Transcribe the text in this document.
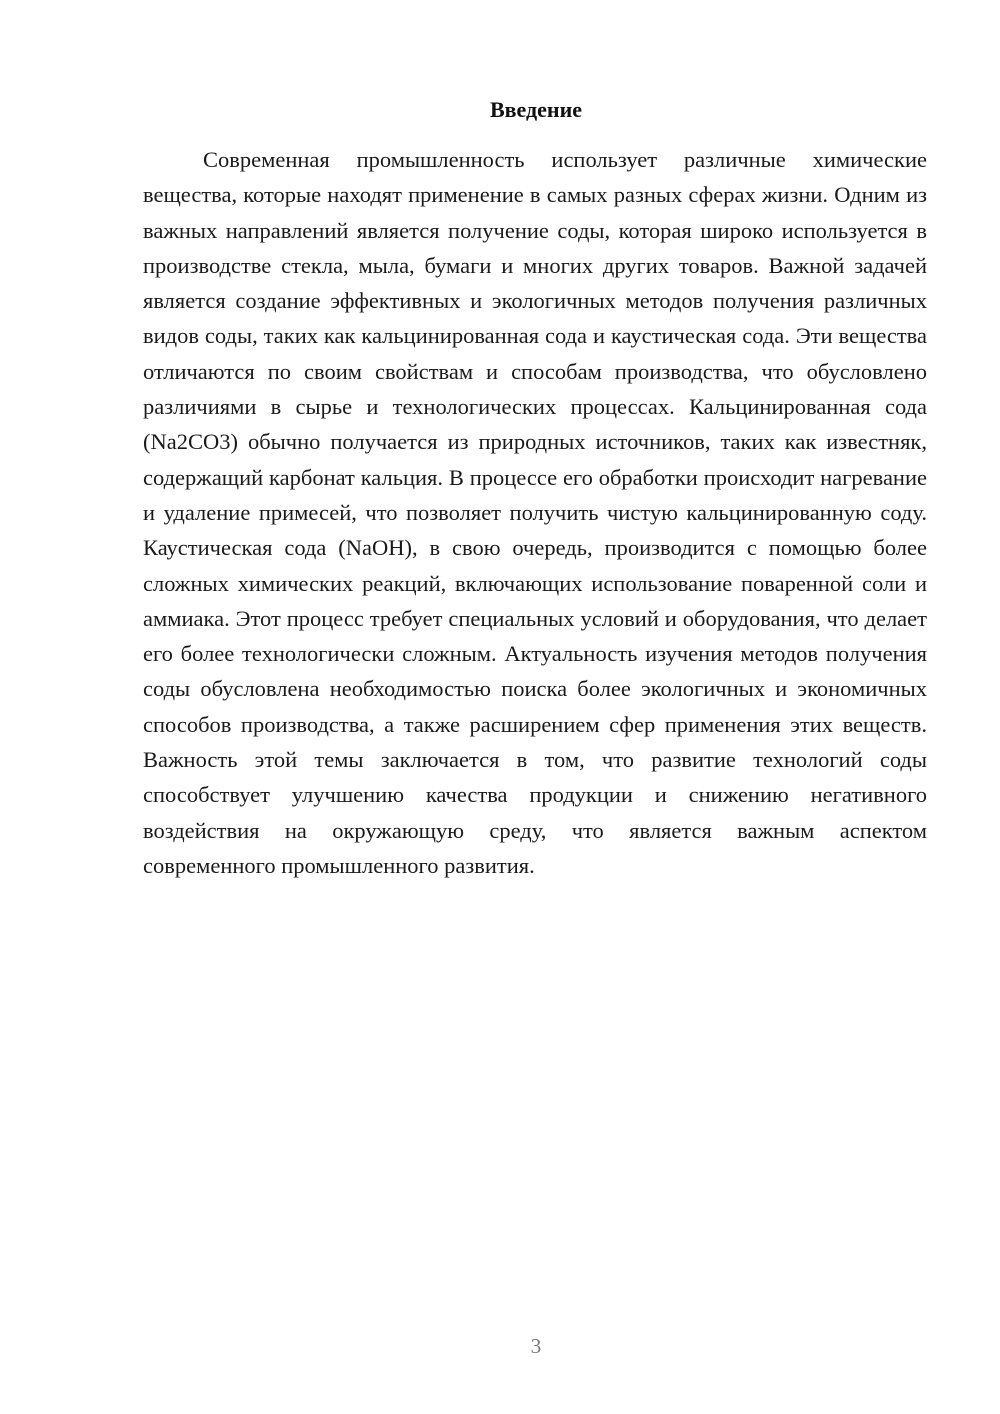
Введение

Современная промышленность использует различные химические вещества, которые находят применение в самых разных сферах жизни. Одним из важных направлений является получение соды, которая широко используется в производстве стекла, мыла, бумаги и многих других товаров. Важной задачей является создание эффективных и экологичных методов получения различных видов соды, таких как кальцинированная сода и каустическая сода. Эти вещества отличаются по своим свойствам и способам производства, что обусловлено различиями в сырье и технологических процессах. Кальцинированная сода (Na2CO3) обычно получается из природных источников, таких как известняк, содержащий карбонат кальция. В процессе его обработки происходит нагревание и удаление примесей, что позволяет получить чистую кальцинированную соду. Каустическая сода (NaOH), в свою очередь, производится с помощью более сложных химических реакций, включающих использование поваренной соли и аммиака. Этот процесс требует специальных условий и оборудования, что делает его более технологически сложным. Актуальность изучения методов получения соды обусловлена необходимостью поиска более экологичных и экономичных способов производства, а также расширением сфер применения этих веществ. Важность этой темы заключается в том, что развитие технологий соды способствует улучшению качества продукции и снижению негативного воздействия на окружающую среду, что является важным аспектом современного промышленного развития.

3
